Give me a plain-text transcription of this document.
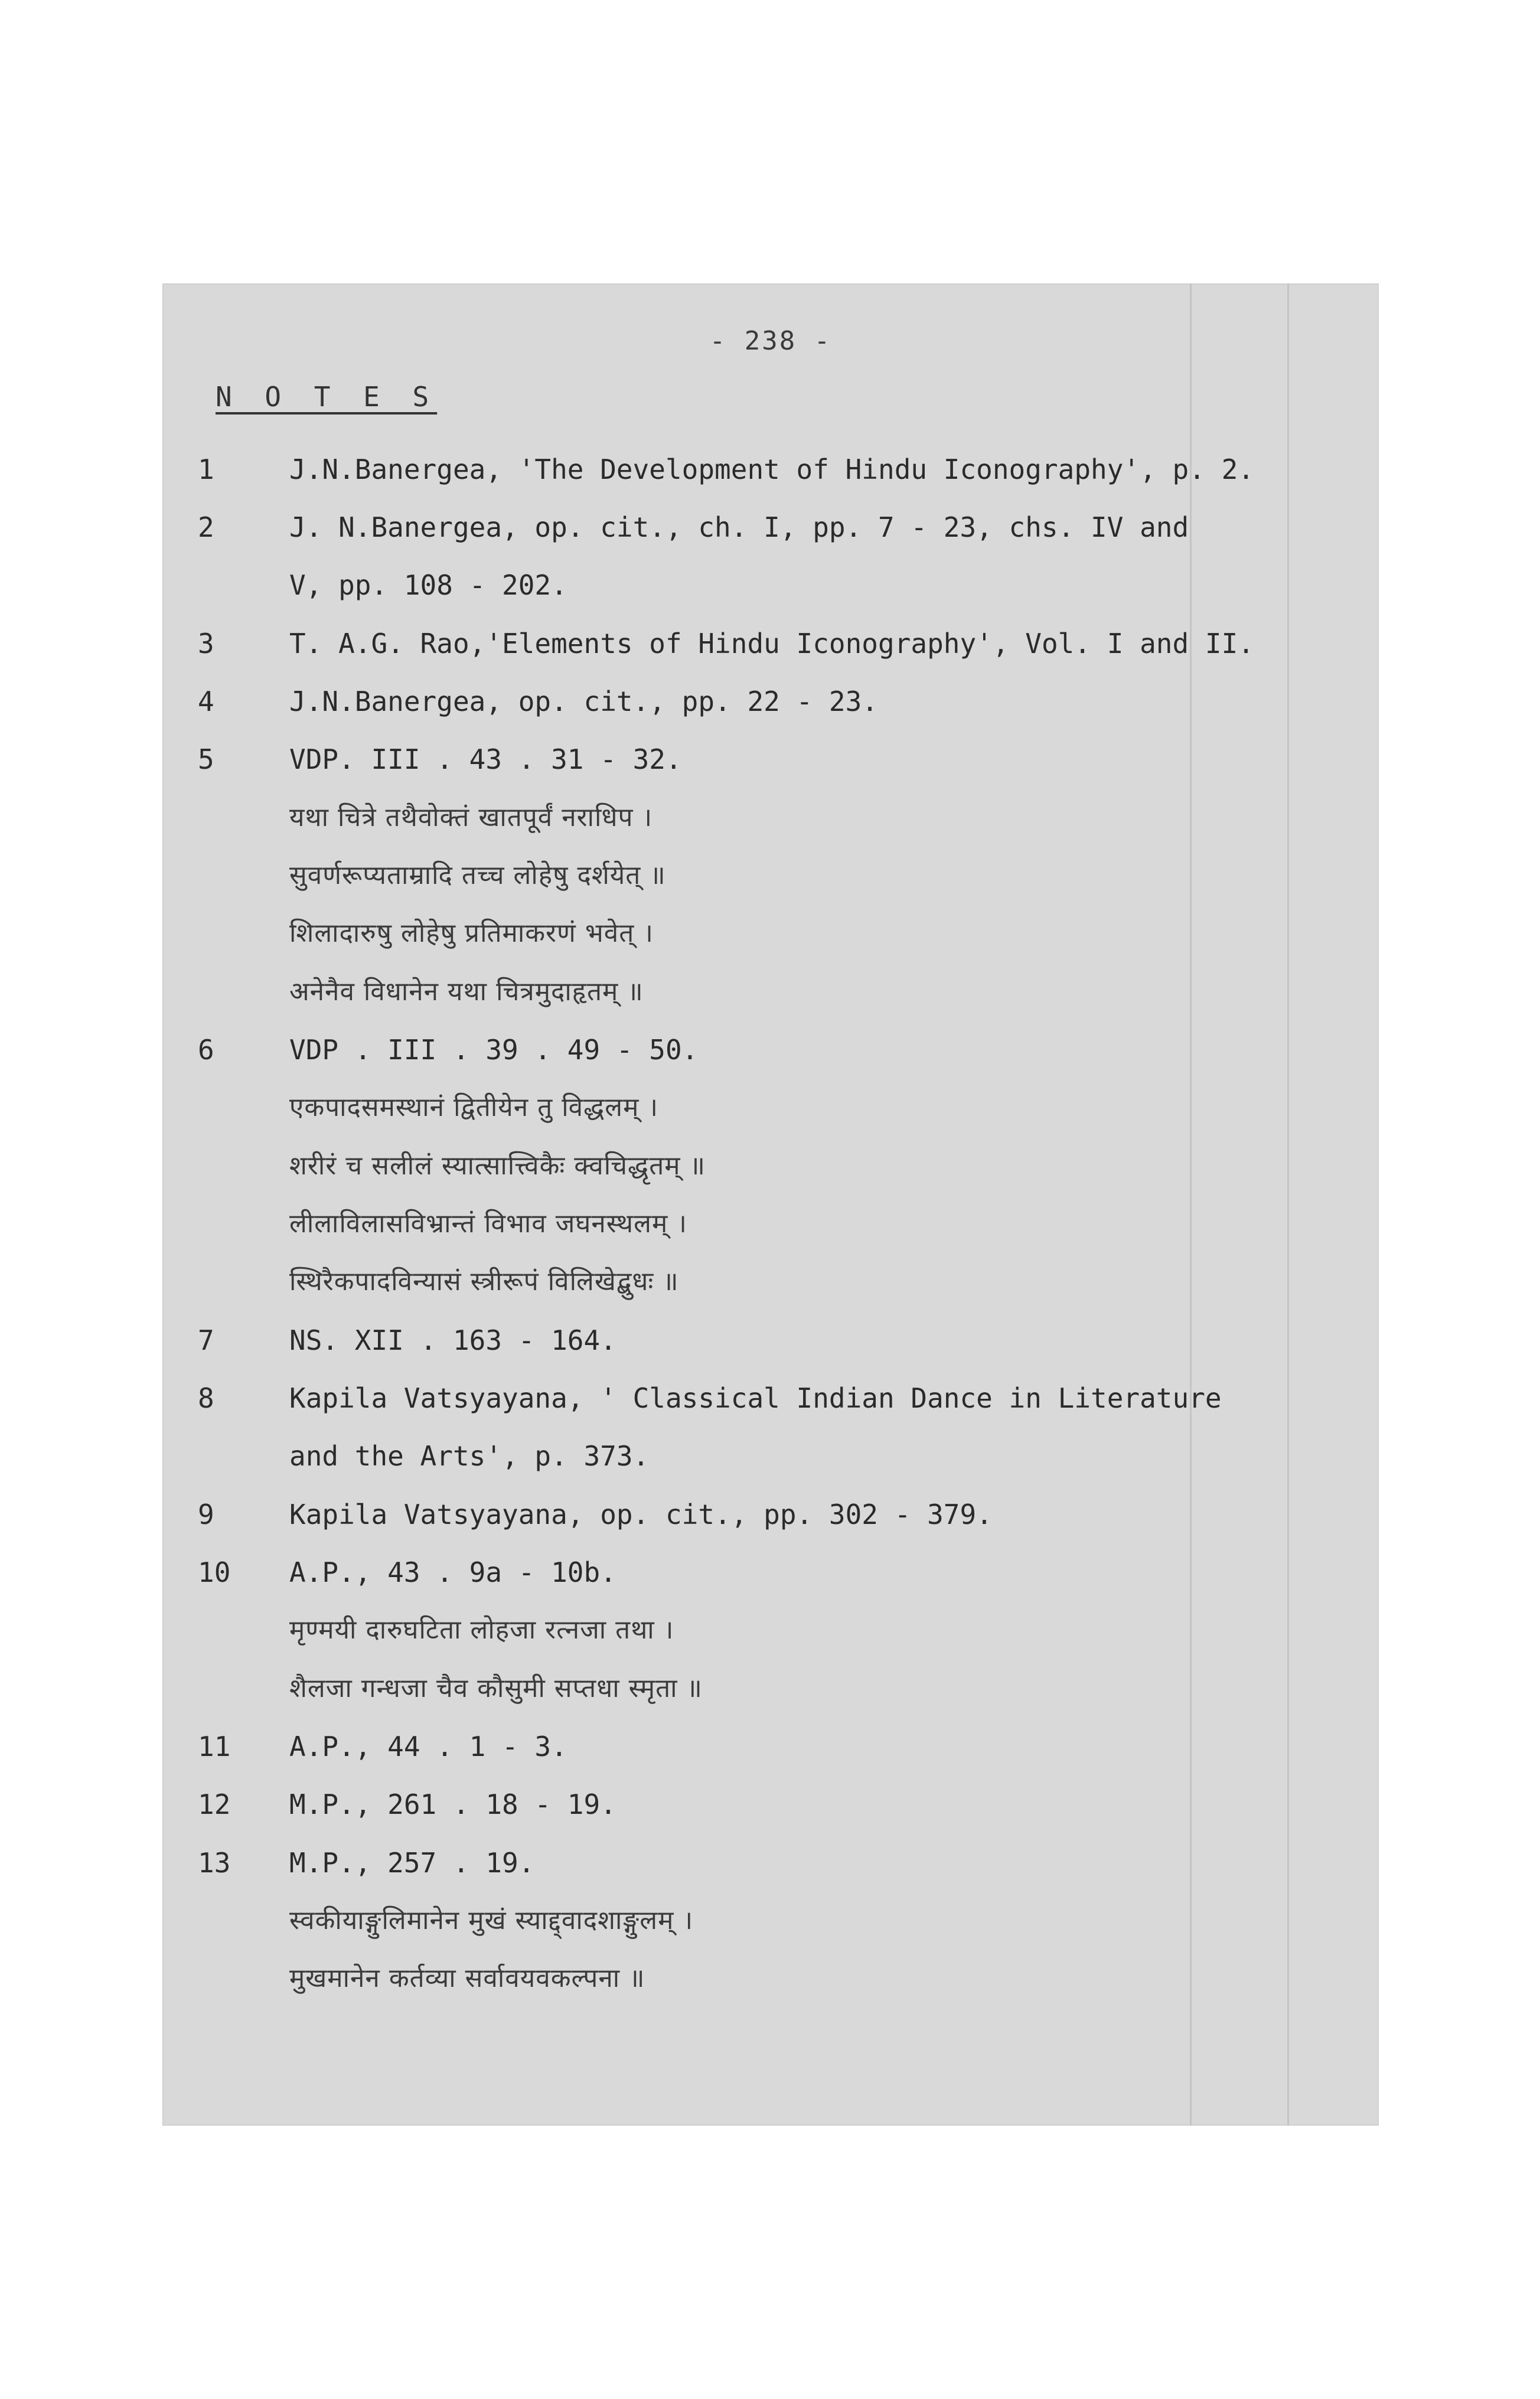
- 238 -
N O T E S
1	J.N.Banergea, 'The Development of Hindu Iconography', p. 2.
2	J. N.Banergea, op. cit., ch. I, pp. 7 - 23, chs. IV and
V, pp. 108 - 202.
3	T. A.G. Rao,'Elements of Hindu Iconography', Vol. I and II.
4	J.N.Banergea, op. cit., pp. 22 - 23.
5	VDP. III . 43 . 31 - 32.
यथा चित्रे तथैवोक्तं खातपूर्वं नराधिप ।
सुवर्णरूप्यताम्रादि तच्च लोहेषु दर्शयेत् ॥
शिलादारुषु लोहेषु प्रतिमाकरणं भवेत् ।
अनेनैव विधानेन यथा चित्रमुदाहृतम् ॥
6	VDP . III . 39 . 49 - 50.
एकपादसमस्थानं द्वितीयेन तु विद्धलम् ।
शरीरं च सलीलं स्यात्सात्त्विकैः क्वचिद्धृतम् ॥
लीलाविलासविभ्रान्तं विभाव जघनस्थलम् ।
स्थिरैकपादविन्यासं स्त्रीरूपं विलिखेद्बुधः ॥
7	NS. XII . 163 - 164.
8	Kapila Vatsyayana, ' Classical Indian Dance in Literature
and the Arts', p. 373.
9	Kapila Vatsyayana, op. cit., pp. 302 - 379.
10	A.P., 43 . 9a - 10b.
मृण्मयी दारुघटिता लोहजा रत्नजा तथा ।
शैलजा गन्धजा चैव कौसुमी सप्तधा स्मृता ॥
11	A.P., 44 . 1 - 3.
12	M.P., 261 . 18 - 19.
13	M.P., 257 . 19.
स्वकीयाङ्गुलिमानेन मुखं स्याद्द्वादशाङ्गुलम् ।
मुखमानेन कर्तव्या सर्वावयवकल्पना ॥
